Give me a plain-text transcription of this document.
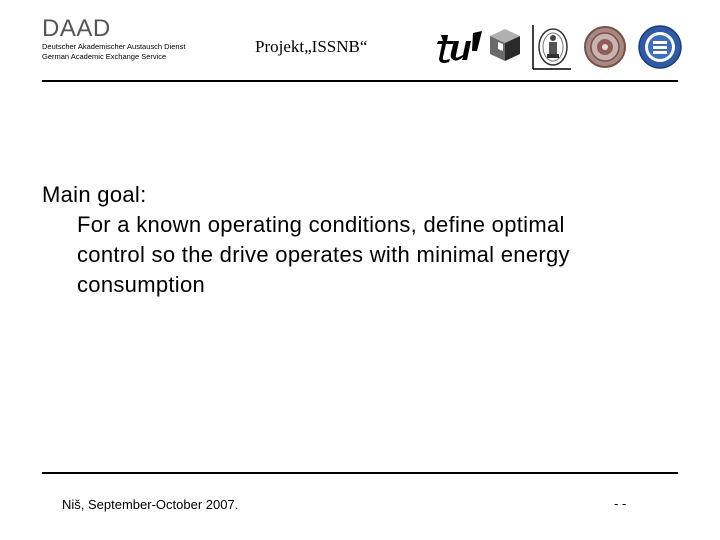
DAAD
Deutscher Akademischer Austausch Dienst
German Academic Exchange Service
Projekt„ISSNB“
Main goal:
For a known operating conditions, define optimal
control so the drive operates with minimal energy
consumption
Niš, September-October 2007.	- -
